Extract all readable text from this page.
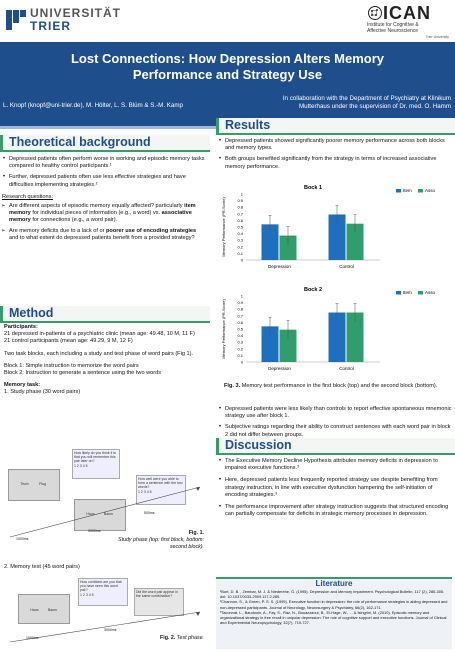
UNIVERSITÄT
TRIER
ICAN
Institute for Cognitive &
Affective Neuroscience
Trier University
Lost Connections: How Depression Alters Memory
Performance and Strategy Use
L. Knopf (knopf@uni-trier.de), M. Hölter, L. S. Blüm & S.-M. Kamp
In collaboration with the Department of Psychiatry at Klinikum
Mutterhaus under the supervision of Dr. med. O. Hamm
Theoretical background
• Depressed patients often perform worse in working and episodic memory tasks compared to healthy control participants.¹
• Further, depressed patients often use less effective strategies and have difficulties implementing strategies.²
Research questions:
➢ Are different aspects of episodic memory equally affected? particularly item memory for individual pieces of information (e.g., a word) vs. associative memory for connections (e.g., a word pair).
➢ Are memory deficits due to a lack of or poorer use of encoding strategies and to what extent do depressed patients benefit from a provided strategy?
Method
Participants:
21 depressed in-patients of a psychiatric clinic (mean age: 49.48, 10 M, 11 F)
21 control participants (mean age: 49.29, 9 M, 12 F)
Two task blocks, each including a study and test phase of word pairs (Fig 1).
Block 1: Simple instruction to memorize the word pairs
Block 2: Instruction to generate a sentence using the two words
Memory task:
1. Study phase (30 word pairs)
Tisch	Flug
How likely do you think it is that you will remember this pair later on?
1 2 3 4 5
Haus	Baum
How well were you able to form a sentence with the two words?
1 2 3 4 5
1000ms
3000ms
500ms
Fig. 1.
Study phase (top: first block, bottom: second block).
2. Memory test (45 word pairs)
Haus	Baum
How confident are you that you have seen this word pair?
1 2 3 4 5
Did the word pair appear in the same combination?
1000ms
3000ms
Fig. 2. Test phase.
Results
• Depressed patients showed significantly poorer memory performance across both blocks and memory types.
• Both groups benefited significantly from the strategy in terms of increased associative memory performance.
Bock 1
Memory Performance (PR-Score)
0
0.1
0.2
0.3
0.4
0.5
0.6
0.7
0.8
0.9
1
Depression	Control
Item	Asso
Bock 2
Memory Performance (PR-Score)
0
0.1
0.2
0.3
0.4
0.5
0.6
0.7
0.8
0.9
1
Depression	Control
Item	Asso
Fig. 3. Memory test performance in the first block (top) and the second block (bottom).
• Depressed patients were less likely than controls to report effective spontaneous mnemonic strategy use after block 1.
• Subjective ratings regarding their ability to construct sentences with each word pair in block 2 did not differ between groups.
Discussion
• The Executive Memory Decline Hypothesis attributes memory deficits in depression to impaired executive functions.³
• Here, depressed patients less frequently reported strategy use despite benefiting from strategy instruction, in line with executive dysfunction hampering the self-initiation of encoding strategies.³
• The performance improvement after strategy instruction suggests that structured encoding can partially compensate for deficits in strategic memory processes in depression.
Literature
¹Burt, D. B. , Zembar, M. J. & Niederehe, G. (1995). Depression and Memory Impairment. Psychological Bulletin, 117 (2), 285-305. doi: 10.1037/0033-2909.117.2.285.
²Channon, S., & Green, P. S. S. (1999). Executive function in depression: the role of performance strategies in aiding depressed and non-depressed participants. Journal of Neurology, Neurosurgery & Psychiatry, 66(2), 162-171.
³Taconnat, L., Baudouin, A., Fay, S., Raz, N., Bouazzaoui, B., El-Hage, W., ... & Isingrini, M. (2010). Episodic memory and organizational strategy in free recall in unipolar depression: The role of cognitive support and executive functions. Journal of Clinical and Experimental Neuropsychology, 32(7), 719-727.
